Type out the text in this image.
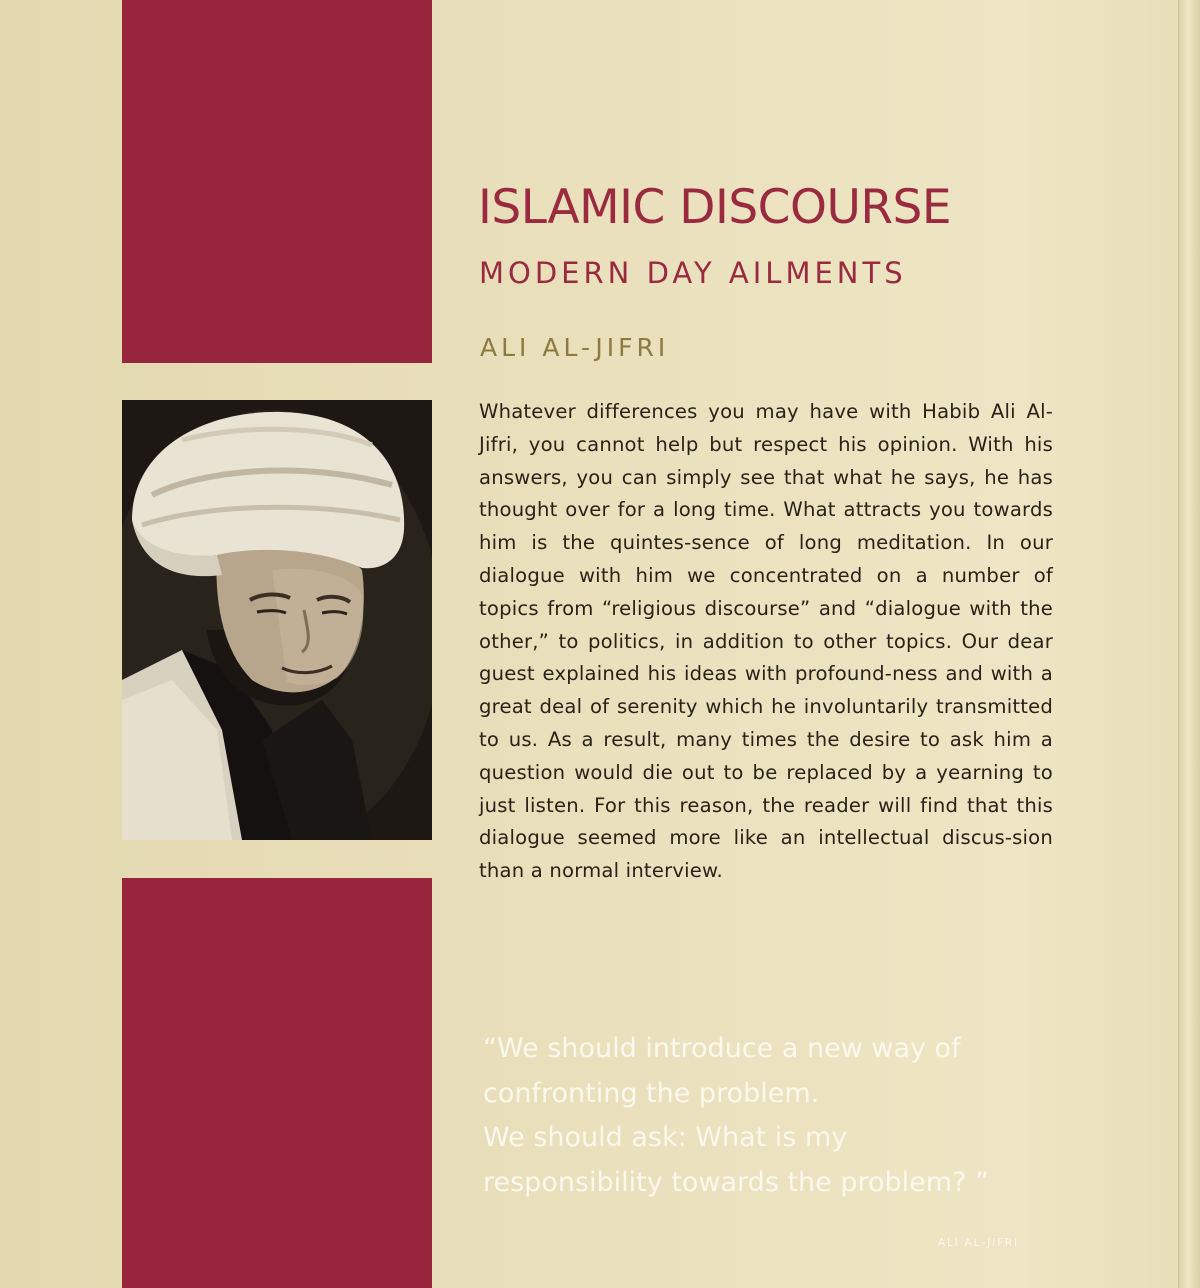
ISLAMIC DISCOURSE
MODERN DAY AILMENTS

ALI AL-JIFRI

Whatever differences you may have with Habib Ali Al-Jifri, you cannot help but respect his opinion. With his answers, you can simply see that what he says, he has thought over for a long time. What attracts you towards him is the quintes-sence of long meditation. In our dialogue with him we concentrated on a number of topics from “religious discourse” and “dialogue with the other,” to politics, in addition to other topics. Our dear guest explained his ideas with profound-ness and with a great deal of serenity which he involuntarily transmitted to us. As a result, many times the desire to ask him a question would die out to be replaced by a yearning to just listen. For this reason, the reader will find that this dialogue seemed more like an intellectual discus-sion than a normal interview.

“We should introduce a new way of
confronting the problem.
We should ask: What is my
responsibility towards the problem? ”

ALI AL-JIFRI
